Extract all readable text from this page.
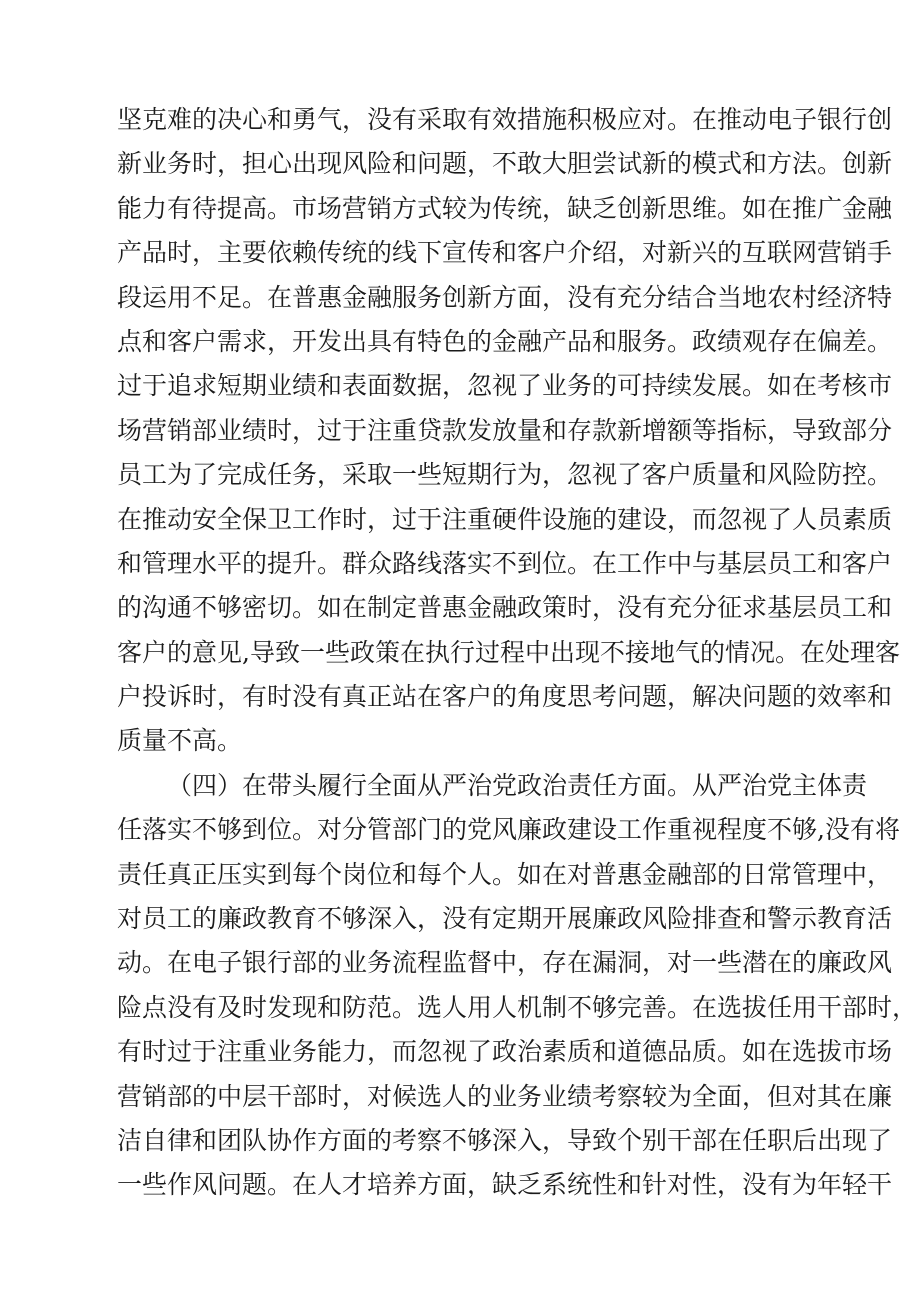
坚克难的决心和勇气，没有采取有效措施积极应对。在推动电子银行创
新业务时，担心出现风险和问题，不敢大胆尝试新的模式和方法。创新
能力有待提高。市场营销方式较为传统，缺乏创新思维。如在推广金融
产品时，主要依赖传统的线下宣传和客户介绍，对新兴的互联网营销手
段运用不足。在普惠金融服务创新方面，没有充分结合当地农村经济特
点和客户需求，开发出具有特色的金融产品和服务。政绩观存在偏差。
过于追求短期业绩和表面数据，忽视了业务的可持续发展。如在考核市
场营销部业绩时，过于注重贷款发放量和存款新增额等指标，导致部分
员工为了完成任务，采取一些短期行为，忽视了客户质量和风险防控。
在推动安全保卫工作时，过于注重硬件设施的建设，而忽视了人员素质
和管理水平的提升。群众路线落实不到位。在工作中与基层员工和客户
的沟通不够密切。如在制定普惠金融政策时，没有充分征求基层员工和
客户的意见,导致一些政策在执行过程中出现不接地气的情况。在处理客
户投诉时，有时没有真正站在客户的角度思考问题，解决问题的效率和
质量不高。
（四）在带头履行全面从严治党政治责任方面。从严治党主体责
任落实不够到位。对分管部门的党风廉政建设工作重视程度不够,没有将
责任真正压实到每个岗位和每个人。如在对普惠金融部的日常管理中，
对员工的廉政教育不够深入，没有定期开展廉政风险排查和警示教育活
动。在电子银行部的业务流程监督中，存在漏洞，对一些潜在的廉政风
险点没有及时发现和防范。选人用人机制不够完善。在选拔任用干部时，
有时过于注重业务能力，而忽视了政治素质和道德品质。如在选拔市场
营销部的中层干部时，对候选人的业务业绩考察较为全面，但对其在廉
洁自律和团队协作方面的考察不够深入，导致个别干部在任职后出现了
一些作风问题。在人才培养方面，缺乏系统性和针对性，没有为年轻干
